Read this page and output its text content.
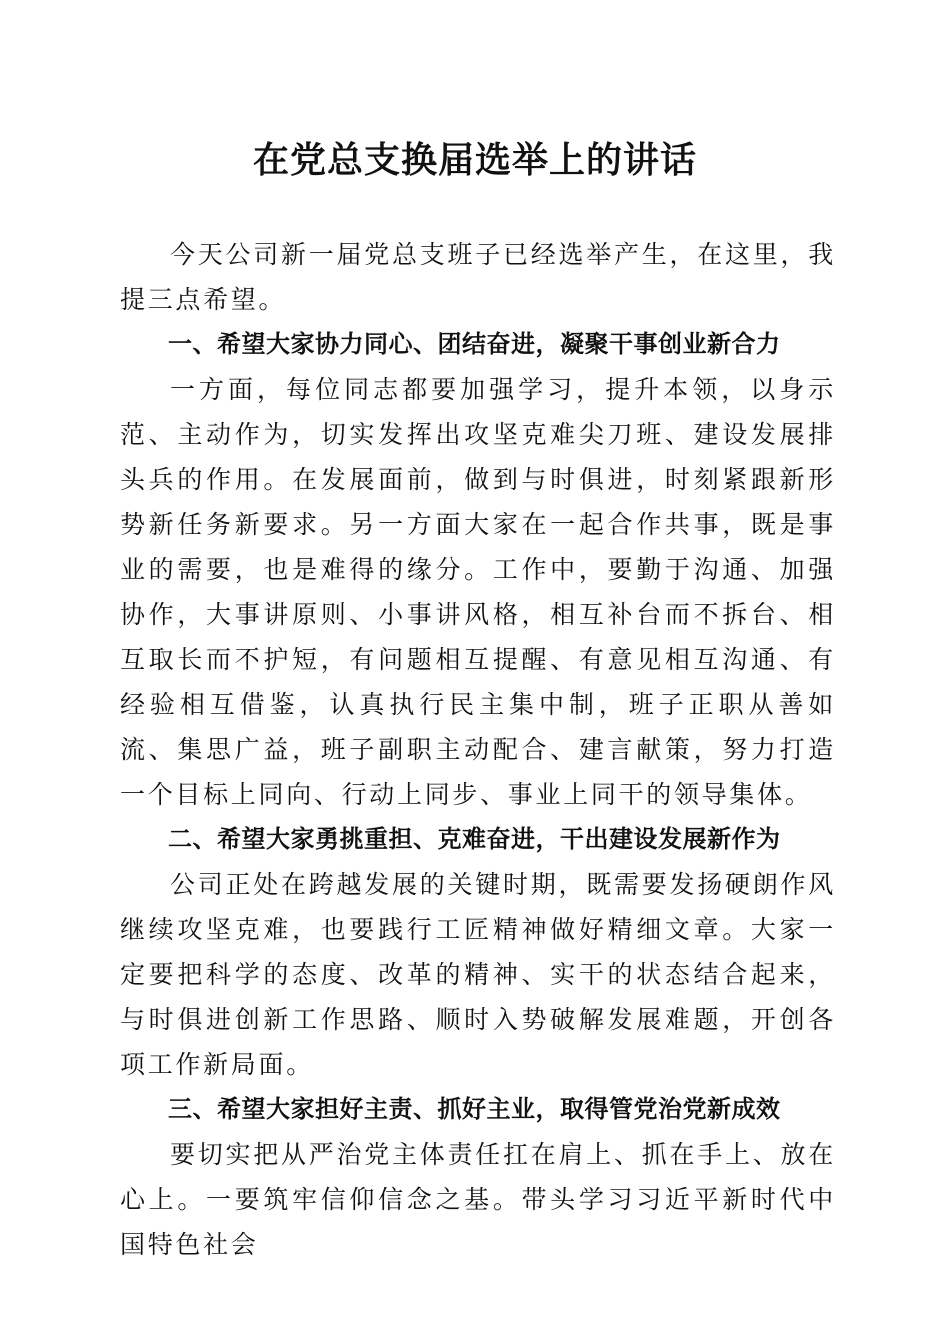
在党总支换届选举上的讲话

今天公司新一届党总支班子已经选举产生，在这里，我提三点希望。

一、希望大家协力同心、团结奋进，凝聚干事创业新合力

一方面，每位同志都要加强学习，提升本领，以身示范、主动作为，切实发挥出攻坚克难尖刀班、建设发展排头兵的作用。在发展面前，做到与时俱进，时刻紧跟新形势新任务新要求。另一方面大家在一起合作共事，既是事业的需要，也是难得的缘分。工作中，要勤于沟通、加强协作，大事讲原则、小事讲风格，相互补台而不拆台、相互取长而不护短，有问题相互提醒、有意见相互沟通、有经验相互借鉴，认真执行民主集中制，班子正职从善如流、集思广益，班子副职主动配合、建言献策，努力打造一个目标上同向、行动上同步、事业上同干的领导集体。

二、希望大家勇挑重担、克难奋进，干出建设发展新作为

公司正处在跨越发展的关键时期，既需要发扬硬朗作风继续攻坚克难，也要践行工匠精神做好精细文章。大家一定要把科学的态度、改革的精神、实干的状态结合起来，与时俱进创新工作思路、顺时入势破解发展难题，开创各项工作新局面。

三、希望大家担好主责、抓好主业，取得管党治党新成效

要切实把从严治党主体责任扛在肩上、抓在手上、放在心上。一要筑牢信仰信念之基。带头学习习近平新时代中国特色社会
